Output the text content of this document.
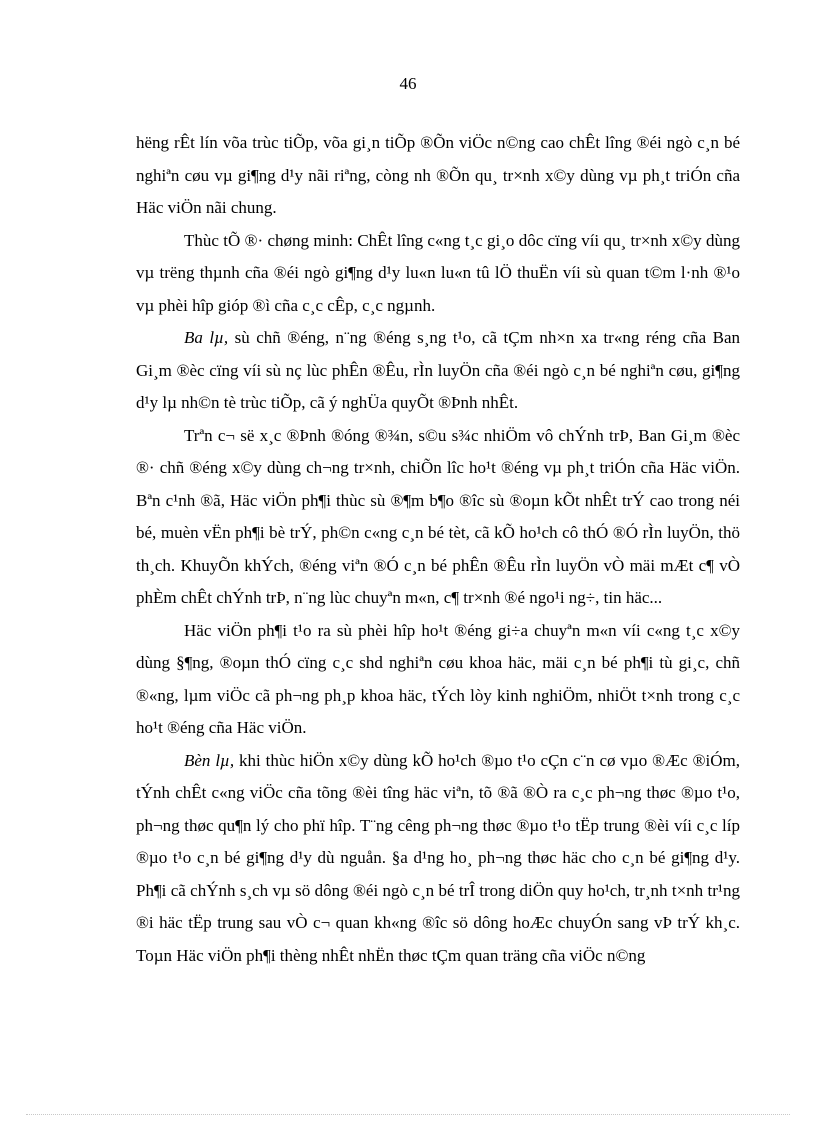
46

hëng rÊt lín võa trùc tiÕp, võa gi¸n tiÕp ®Õn viÖc n©ng cao chÊt lîng ®éi ngò c¸n bé nghiªn cøu vµ gi¶ng d¹y nãi riªng, còng nh ®Õn qu¸ tr×nh x©y dùng vµ ph¸t triÓn cña Häc viÖn nãi chung.

Thùc tÕ ®· chøng minh: ChÊt lîng c«ng t¸c gi¸o dôc cïng víi qu¸ tr×nh x©y dùng vµ trëng thµnh cña ®éi ngò gi¶ng d¹y lu«n lu«n tû lÖ thuËn víi sù quan t©m l·nh ®¹o vµ phèi hîp gióp ®ì cña c¸c cÊp, c¸c ngµnh.

Ba lµ, sù chñ ®éng, n¨ng ®éng s¸ng t¹o, cã tÇm nh×n xa tr«ng réng cña Ban Gi¸m ®èc cïng víi sù nç lùc phÊn ®Êu, rÌn luyÖn cña ®éi ngò c¸n bé nghiªn cøu, gi¶ng d¹y lµ nh©n tè trùc tiÕp, cã ý nghÜa quyÕt ®Þnh nhÊt.

Trªn c¬ së x¸c ®Þnh ®óng ®¾n, s©u s¾c nhiÖm vô chÝnh trÞ, Ban Gi¸m ®èc ®· chñ ®éng x©y dùng ch¬ng tr×nh, chiÕn lîc ho¹t ®éng vµ ph¸t triÓn cña Häc viÖn. Bªn c¹nh ®ã, Häc viÖn ph¶i thùc sù ®¶m b¶o ®îc sù ®oµn kÕt nhÊt trÝ cao trong néi bé, muèn vËn ph¶i bè trÝ, ph©n c«ng c¸n bé tèt, cã kÕ ho¹ch cô thÓ ®Ó rÌn luyÖn, thö th¸ch. KhuyÕn khÝch, ®éng viªn ®Ó c¸n bé phÊn ®Êu rÌn luyÖn vÒ mäi mÆt c¶ vÒ phÈm chÊt chÝnh trÞ, n¨ng lùc chuyªn m«n, c¶ tr×nh ®é ngo¹i ng÷, tin häc...

Häc viÖn ph¶i t¹o ra sù phèi hîp ho¹t ®éng gi÷a chuyªn m«n víi c«ng t¸c x©y dùng §¶ng, ®oµn thÓ cïng c¸c shd nghiªn cøu khoa häc, mäi c¸n bé ph¶i tù gi¸c, chñ ®«ng, lµm viÖc cã ph¬ng ph¸p khoa häc, tÝch lòy kinh nghiÖm, nhiÖt t×nh trong c¸c ho¹t ®éng cña Häc viÖn.

Bèn lµ, khi thùc hiÖn x©y dùng kÕ ho¹ch ®µo t¹o cÇn c¨n cø vµo ®Æc ®iÓm, tÝnh chÊt c«ng viÖc cña tõng ®èi tîng häc viªn, tõ ®ã ®Ò ra c¸c ph¬ng thøc ®µo t¹o, ph¬ng thøc qu¶n lý cho phï hîp. T¨ng cêng ph¬ng thøc ®µo t¹o tËp trung ®èi víi c¸c líp ®µo t¹o c¸n bé gi¶ng d¹y dù nguån. §a d¹ng ho¸ ph¬ng thøc häc cho c¸n bé gi¶ng d¹y. Ph¶i cã chÝnh s¸ch vµ sö dông ®éi ngò c¸n bé trÎ trong diÖn quy ho¹ch, tr¸nh t×nh tr¹ng ®i häc tËp trung sau vÒ c¬ quan kh«ng ®îc sö dông hoÆc chuyÓn sang vÞ trÝ kh¸c. Toµn Häc viÖn ph¶i thèng nhÊt nhËn thøc tÇm quan träng cña viÖc n©ng
